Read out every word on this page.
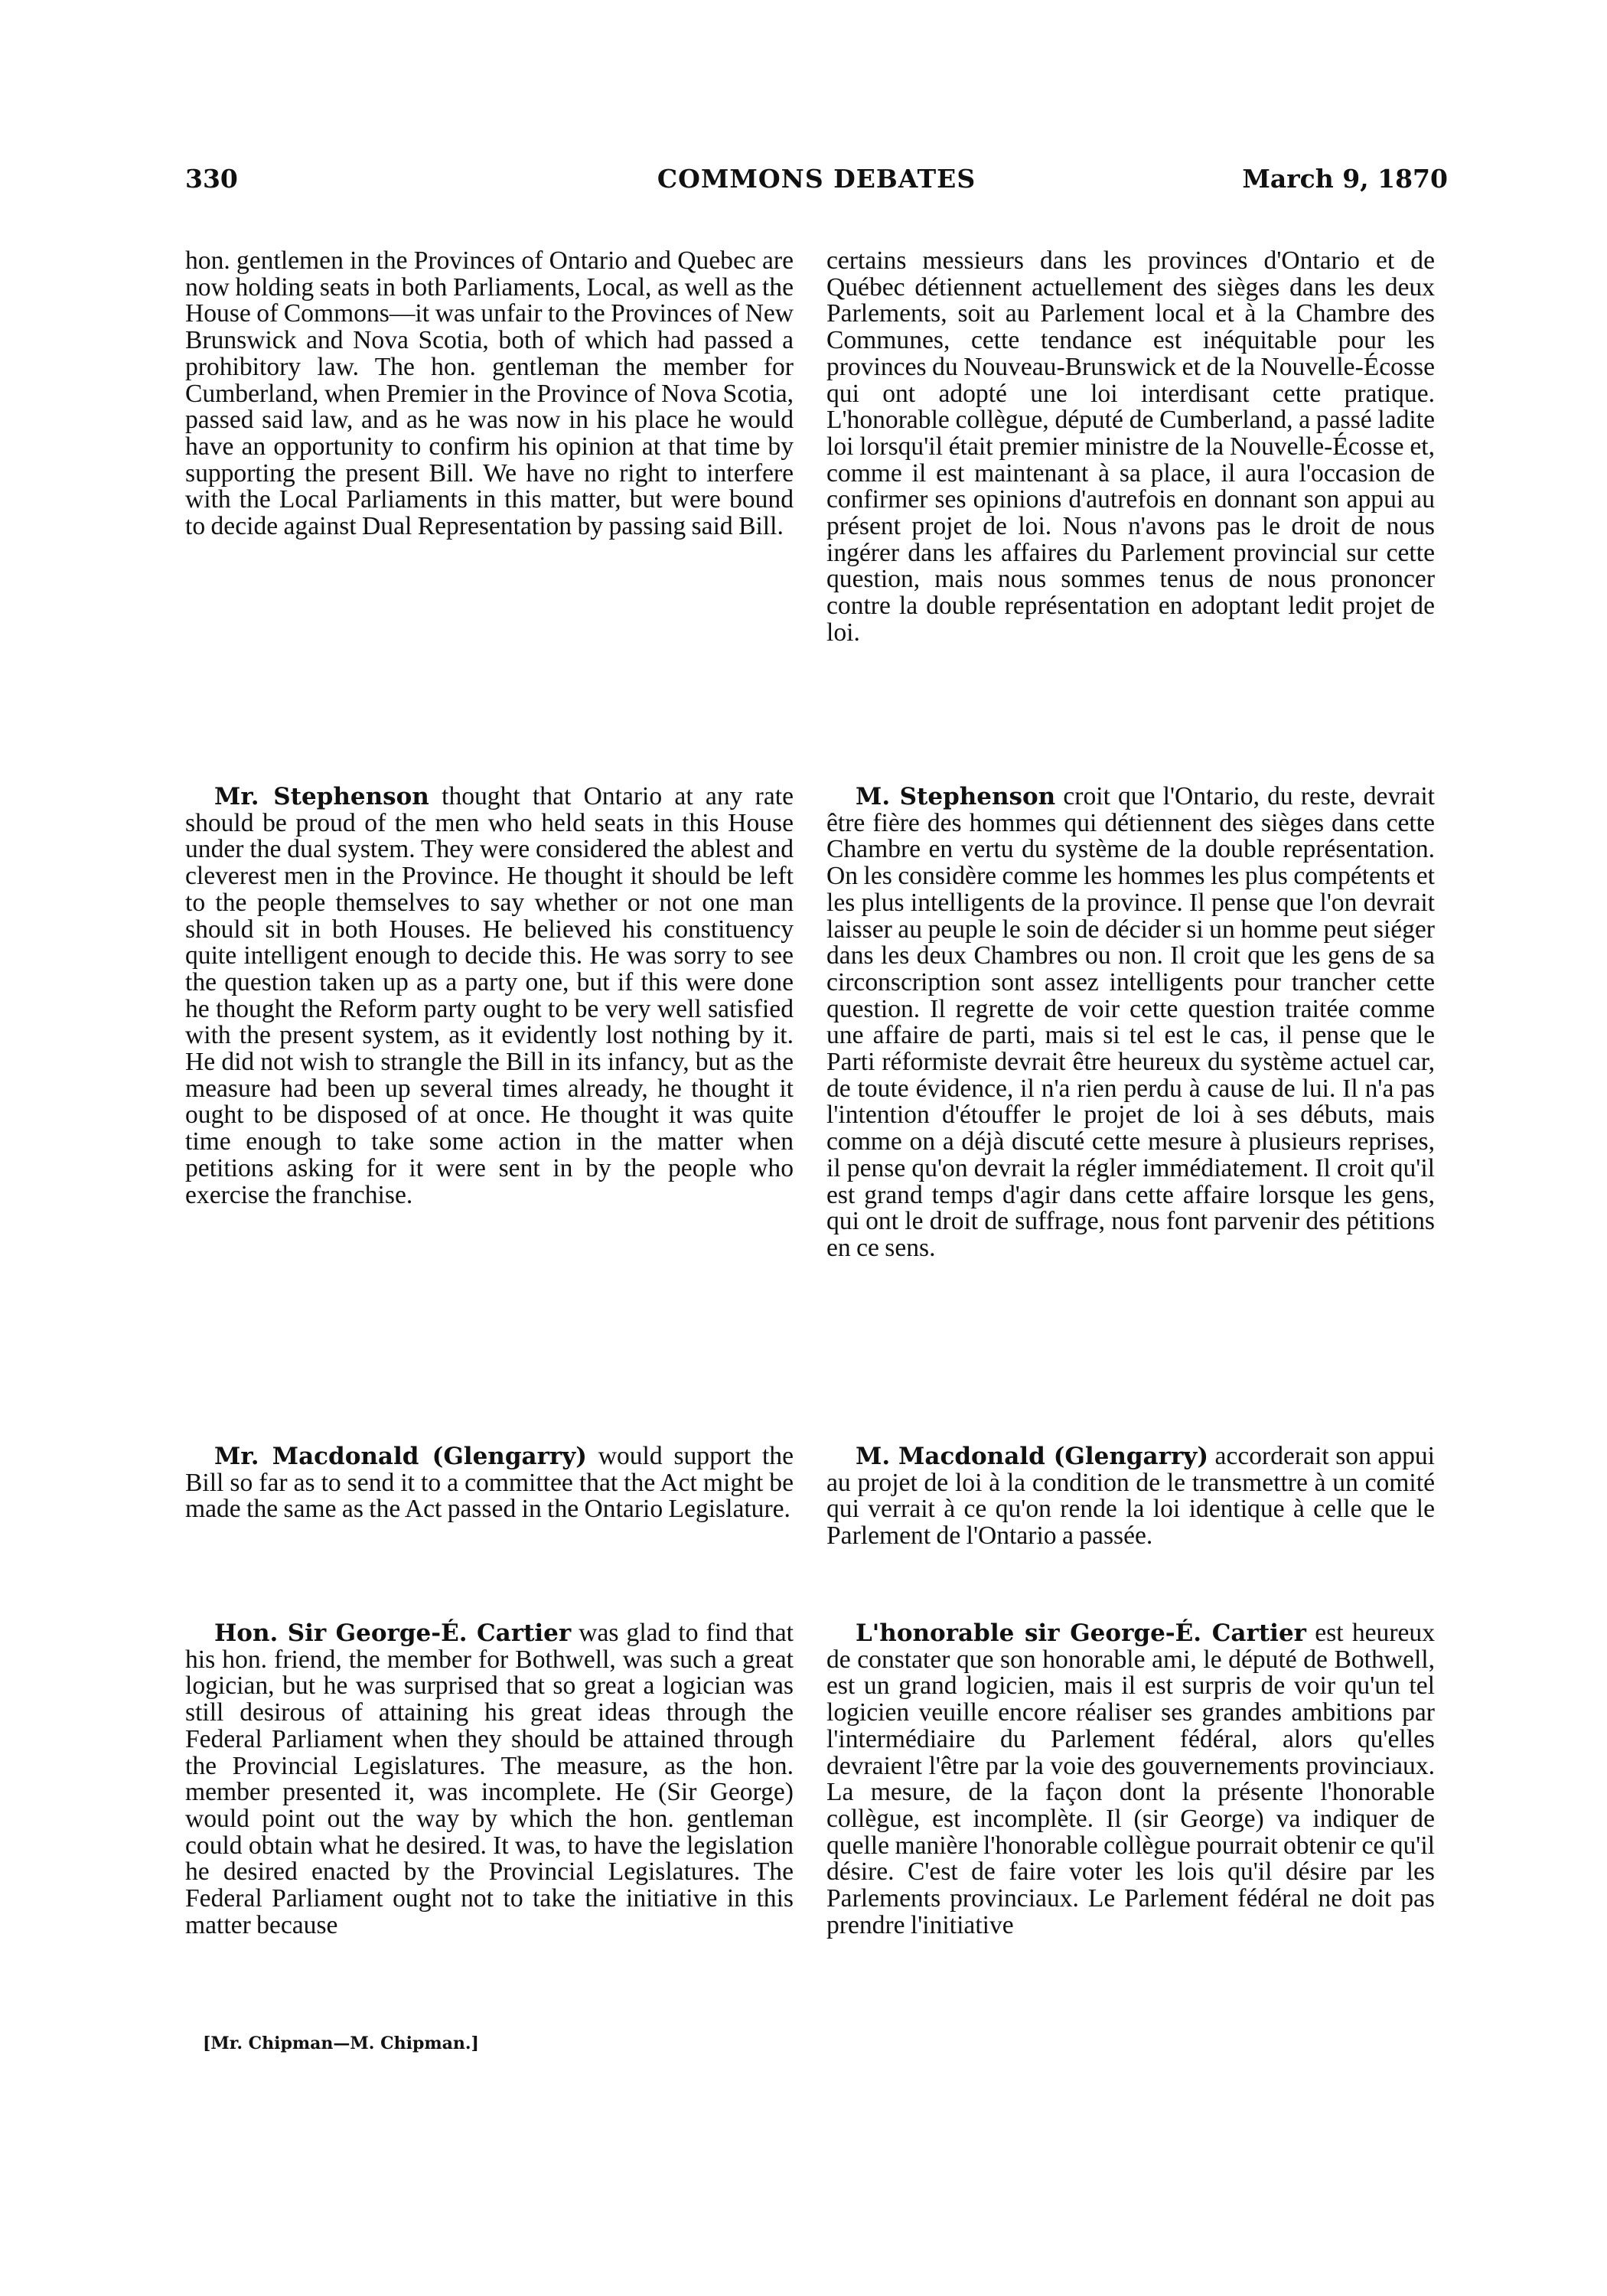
330	COMMONS DEBATES	March 9, 1870

hon. gentlemen in the Provinces of Ontario and Quebec are now holding seats in both Parliaments, Local, as well as the House of Commons—it was unfair to the Provinces of New Brunswick and Nova Scotia, both of which had passed a prohibitory law. The hon. gentleman the member for Cumberland, when Premier in the Province of Nova Scotia, passed said law, and as he was now in his place he would have an opportunity to confirm his opinion at that time by supporting the present Bill. We have no right to interfere with the Local Parliaments in this matter, but were bound to decide against Dual Representation by passing said Bill.

Mr. Stephenson thought that Ontario at any rate should be proud of the men who held seats in this House under the dual system. They were considered the ablest and cleverest men in the Province. He thought it should be left to the people themselves to say whether or not one man should sit in both Houses. He believed his constituency quite intelligent enough to decide this. He was sorry to see the question taken up as a party one, but if this were done he thought the Reform party ought to be very well satisfied with the present system, as it evidently lost nothing by it. He did not wish to strangle the Bill in its infancy, but as the measure had been up several times already, he thought it ought to be disposed of at once. He thought it was quite time enough to take some action in the matter when petitions asking for it were sent in by the people who exercise the franchise.

Mr. Macdonald (Glengarry) would support the Bill so far as to send it to a committee that the Act might be made the same as the Act passed in the Ontario Legislature.

Hon. Sir George-É. Cartier was glad to find that his hon. friend, the member for Bothwell, was such a great logician, but he was surprised that so great a logician was still desirous of attaining his great ideas through the Federal Parliament when they should be attained through the Provincial Legislatures. The measure, as the hon. member presented it, was incomplete. He (Sir George) would point out the way by which the hon. gentleman could obtain what he desired. It was, to have the legislation he desired enacted by the Provincial Legislatures. The Federal Parliament ought not to take the initiative in this matter because

certains messieurs dans les provinces d'Ontario et de Québec détiennent actuellement des sièges dans les deux Parlements, soit au Parlement local et à la Chambre des Communes, cette tendance est inéquitable pour les provinces du Nouveau-Brunswick et de la Nouvelle-Écosse qui ont adopté une loi interdisant cette pratique. L'honorable collègue, député de Cumberland, a passé ladite loi lorsqu'il était premier ministre de la Nouvelle-Écosse et, comme il est maintenant à sa place, il aura l'occasion de confirmer ses opinions d'autrefois en donnant son appui au présent projet de loi. Nous n'avons pas le droit de nous ingérer dans les affaires du Parlement provincial sur cette question, mais nous sommes tenus de nous prononcer contre la double représentation en adoptant ledit projet de loi.

M. Stephenson croit que l'Ontario, du reste, devrait être fière des hommes qui détiennent des sièges dans cette Chambre en vertu du système de la double représentation. On les considère comme les hommes les plus compétents et les plus intelligents de la province. Il pense que l'on devrait laisser au peuple le soin de décider si un homme peut siéger dans les deux Chambres ou non. Il croit que les gens de sa circonscription sont assez intelligents pour trancher cette question. Il regrette de voir cette question traitée comme une affaire de parti, mais si tel est le cas, il pense que le Parti réformiste devrait être heureux du système actuel car, de toute évidence, il n'a rien perdu à cause de lui. Il n'a pas l'intention d'étouffer le projet de loi à ses débuts, mais comme on a déjà discuté cette mesure à plusieurs reprises, il pense qu'on devrait la régler immédiatement. Il croit qu'il est grand temps d'agir dans cette affaire lorsque les gens, qui ont le droit de suffrage, nous font parvenir des pétitions en ce sens.

M. Macdonald (Glengarry) accorderait son appui au projet de loi à la condition de le transmettre à un comité qui verrait à ce qu'on rende la loi identique à celle que le Parlement de l'Ontario a passée.

L'honorable sir George-É. Cartier est heureux de constater que son honorable ami, le député de Bothwell, est un grand logicien, mais il est surpris de voir qu'un tel logicien veuille encore réaliser ses grandes ambitions par l'intermédiaire du Parlement fédéral, alors qu'elles devraient l'être par la voie des gouvernements provinciaux. La mesure, de la façon dont la présente l'honorable collègue, est incomplète. Il (sir George) va indiquer de quelle manière l'honorable collègue pourrait obtenir ce qu'il désire. C'est de faire voter les lois qu'il désire par les Parlements provinciaux. Le Parlement fédéral ne doit pas prendre l'initiative

[Mr. Chipman—M. Chipman.]
